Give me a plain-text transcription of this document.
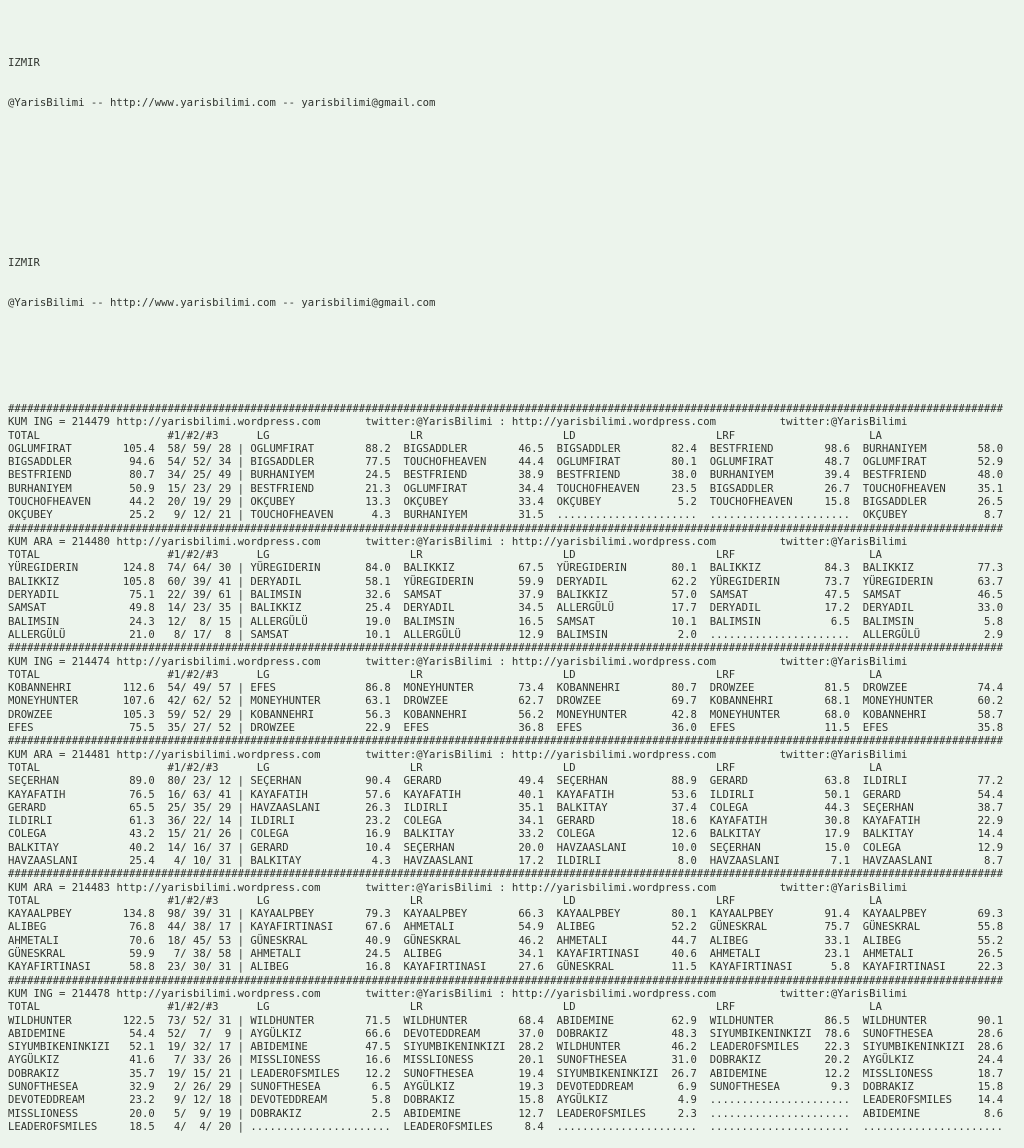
IZMIR

@YarisBilimi -- http://www.yarisbilimi.com -- yarisbilimi@gmail.com

IZMIR

@YarisBilimi -- http://www.yarisbilimi.com -- yarisbilimi@gmail.com

############################################################################################################################################################
KUM ING = 214479 http://yarisbilimi.wordpress.com       twitter:@YarisBilimi : http://yarisbilimi.wordpress.com          twitter:@YarisBilimi
TOTAL                    #1/#2/#3      LG                      LR                      LD                      LRF                     LA
OGLUMFIRAT        105.4  58/ 59/ 28 | OGLUMFIRAT        88.2  BIGSADDLER        46.5  BIGSADDLER        82.4  BESTFRIEND        98.6  BURHANIYEM        58.0
BIGSADDLER         94.6  54/ 52/ 34 | BIGSADDLER        77.5  TOUCHOFHEAVEN     44.4  OGLUMFIRAT        80.1  OGLUMFIRAT        48.7  OGLUMFIRAT        52.9
BESTFRIEND         80.7  34/ 25/ 49 | BURHANIYEM        24.5  BESTFRIEND        38.9  BESTFRIEND        38.0  BURHANIYEM        39.4  BESTFRIEND        48.0
BURHANIYEM         50.9  15/ 23/ 29 | BESTFRIEND        21.3  OGLUMFIRAT        34.4  TOUCHOFHEAVEN     23.5  BIGSADDLER        26.7  TOUCHOFHEAVEN     35.1
TOUCHOFHEAVEN      44.2  20/ 19/ 29 | OKÇUBEY           13.3  OKÇUBEY           33.4  OKÇUBEY            5.2  TOUCHOFHEAVEN     15.8  BIGSADDLER        26.5
OKÇUBEY            25.2   9/ 12/ 21 | TOUCHOFHEAVEN      4.3  BURHANIYEM        31.5  ......................  ......................  OKÇUBEY            8.7
############################################################################################################################################################
KUM ARA = 214480 http://yarisbilimi.wordpress.com       twitter:@YarisBilimi : http://yarisbilimi.wordpress.com          twitter:@YarisBilimi
TOTAL                    #1/#2/#3      LG                      LR                      LD                      LRF                     LA
YÜREGIDERIN       124.8  74/ 64/ 30 | YÜREGIDERIN       84.0  BALIKKIZ          67.5  YÜREGIDERIN       80.1  BALIKKIZ          84.3  BALIKKIZ          77.3
BALIKKIZ          105.8  60/ 39/ 41 | DERYADIL          58.1  YÜREGIDERIN       59.9  DERYADIL          62.2  YÜREGIDERIN       73.7  YÜREGIDERIN       63.7
DERYADIL           75.1  22/ 39/ 61 | BALIMSIN          32.6  SAMSAT            37.9  BALIKKIZ          57.0  SAMSAT            47.5  SAMSAT            46.5
SAMSAT             49.8  14/ 23/ 35 | BALIKKIZ          25.4  DERYADIL          34.5  ALLERGÜLÜ         17.7  DERYADIL          17.2  DERYADIL          33.0
BALIMSIN           24.3  12/  8/ 15 | ALLERGÜLÜ         19.0  BALIMSIN          16.5  SAMSAT            10.1  BALIMSIN           6.5  BALIMSIN           5.8
ALLERGÜLÜ          21.0   8/ 17/  8 | SAMSAT            10.1  ALLERGÜLÜ         12.9  BALIMSIN           2.0  ......................  ALLERGÜLÜ          2.9
############################################################################################################################################################
KUM ING = 214474 http://yarisbilimi.wordpress.com       twitter:@YarisBilimi : http://yarisbilimi.wordpress.com          twitter:@YarisBilimi
TOTAL                    #1/#2/#3      LG                      LR                      LD                      LRF                     LA
KOBANNEHRI        112.6  54/ 49/ 57 | EFES              86.8  MONEYHUNTER       73.4  KOBANNEHRI        80.7  DROWZEE           81.5  DROWZEE           74.4
MONEYHUNTER       107.6  42/ 62/ 52 | MONEYHUNTER       63.1  DROWZEE           62.7  DROWZEE           69.7  KOBANNEHRI        68.1  MONEYHUNTER       60.2
DROWZEE           105.3  59/ 52/ 29 | KOBANNEHRI        56.3  KOBANNEHRI        56.2  MONEYHUNTER       42.8  MONEYHUNTER       68.0  KOBANNEHRI        58.7
EFES               75.5  35/ 27/ 52 | DROWZEE           22.9  EFES              36.8  EFES              36.0  EFES              11.5  EFES              35.8
############################################################################################################################################################
KUM ARA = 214481 http://yarisbilimi.wordpress.com       twitter:@YarisBilimi : http://yarisbilimi.wordpress.com          twitter:@YarisBilimi
TOTAL                    #1/#2/#3      LG                      LR                      LD                      LRF                     LA
SEÇERHAN           89.0  80/ 23/ 12 | SEÇERHAN          90.4  GERARD            49.4  SEÇERHAN          88.9  GERARD            63.8  ILDIRLI           77.2
KAYAFATIH          76.5  16/ 63/ 41 | KAYAFATIH         57.6  KAYAFATIH         40.1  KAYAFATIH         53.6  ILDIRLI           50.1  GERARD            54.4
GERARD             65.5  25/ 35/ 29 | HAVZAASLANI       26.3  ILDIRLI           35.1  BALKITAY          37.4  COLEGA            44.3  SEÇERHAN          38.7
ILDIRLI            61.3  36/ 22/ 14 | ILDIRLI           23.2  COLEGA            34.1  GERARD            18.6  KAYAFATIH         30.8  KAYAFATIH         22.9
COLEGA             43.2  15/ 21/ 26 | COLEGA            16.9  BALKITAY          33.2  COLEGA            12.6  BALKITAY          17.9  BALKITAY          14.4
BALKITAY           40.2  14/ 16/ 37 | GERARD            10.4  SEÇERHAN          20.0  HAVZAASLANI       10.0  SEÇERHAN          15.0  COLEGA            12.9
HAVZAASLANI        25.4   4/ 10/ 31 | BALKITAY           4.3  HAVZAASLANI       17.2  ILDIRLI            8.0  HAVZAASLANI        7.1  HAVZAASLANI        8.7
############################################################################################################################################################
KUM ARA = 214483 http://yarisbilimi.wordpress.com       twitter:@YarisBilimi : http://yarisbilimi.wordpress.com          twitter:@YarisBilimi
TOTAL                    #1/#2/#3      LG                      LR                      LD                      LRF                     LA
KAYAALPBEY        134.8  98/ 39/ 31 | KAYAALPBEY        79.3  KAYAALPBEY        66.3  KAYAALPBEY        80.1  KAYAALPBEY        91.4  KAYAALPBEY        69.3
ALIBEG             76.8  44/ 38/ 17 | KAYAFIRTINASI     67.6  AHMETALI          54.9  ALIBEG            52.2  GÜNESKRAL         75.7  GÜNESKRAL         55.8
AHMETALI           70.6  18/ 45/ 53 | GÜNESKRAL         40.9  GÜNESKRAL         46.2  AHMETALI          44.7  ALIBEG            33.1  ALIBEG            55.2
GÜNESKRAL          59.9   7/ 38/ 58 | AHMETALI          24.5  ALIBEG            34.1  KAYAFIRTINASI     40.6  AHMETALI          23.1  AHMETALI          26.5
KAYAFIRTINASI      58.8  23/ 30/ 31 | ALIBEG            16.8  KAYAFIRTINASI     27.6  GÜNESKRAL         11.5  KAYAFIRTINASI      5.8  KAYAFIRTINASI     22.3
############################################################################################################################################################
KUM ING = 214478 http://yarisbilimi.wordpress.com       twitter:@YarisBilimi : http://yarisbilimi.wordpress.com          twitter:@YarisBilimi
TOTAL                    #1/#2/#3      LG                      LR                      LD                      LRF                     LA
WILDHUNTER        122.5  73/ 52/ 31 | WILDHUNTER        71.5  WILDHUNTER        68.4  ABIDEMINE         62.9  WILDHUNTER        86.5  WILDHUNTER        90.1
ABIDEMINE          54.4  52/  7/  9 | AYGÜLKIZ          66.6  DEVOTEDDREAM      37.0  DOBRAKIZ          48.3  SIYUMBIKENINKIZI  78.6  SUNOFTHESEA       28.6
SIYUMBIKENINKIZI   52.1  19/ 32/ 17 | ABIDEMINE         47.5  SIYUMBIKENINKIZI  28.2  WILDHUNTER        46.2  LEADEROFSMILES    22.3  SIYUMBIKENINKIZI  28.6
AYGÜLKIZ           41.6   7/ 33/ 26 | MISSLIONESS       16.6  MISSLIONESS       20.1  SUNOFTHESEA       31.0  DOBRAKIZ          20.2  AYGÜLKIZ          24.4
DOBRAKIZ           35.7  19/ 15/ 21 | LEADEROFSMILES    12.2  SUNOFTHESEA       19.4  SIYUMBIKENINKIZI  26.7  ABIDEMINE         12.2  MISSLIONESS       18.7
SUNOFTHESEA        32.9   2/ 26/ 29 | SUNOFTHESEA        6.5  AYGÜLKIZ          19.3  DEVOTEDDREAM       6.9  SUNOFTHESEA        9.3  DOBRAKIZ          15.8
DEVOTEDDREAM       23.2   9/ 12/ 18 | DEVOTEDDREAM       5.8  DOBRAKIZ          15.8  AYGÜLKIZ           4.9  ......................  LEADEROFSMILES    14.4
MISSLIONESS        20.0   5/  9/ 19 | DOBRAKIZ           2.5  ABIDEMINE         12.7  LEADEROFSMILES     2.3  ......................  ABIDEMINE          8.6
LEADEROFSMILES     18.5   4/  4/ 20 | ......................  LEADEROFSMILES     8.4  ......................  ......................  ......................
